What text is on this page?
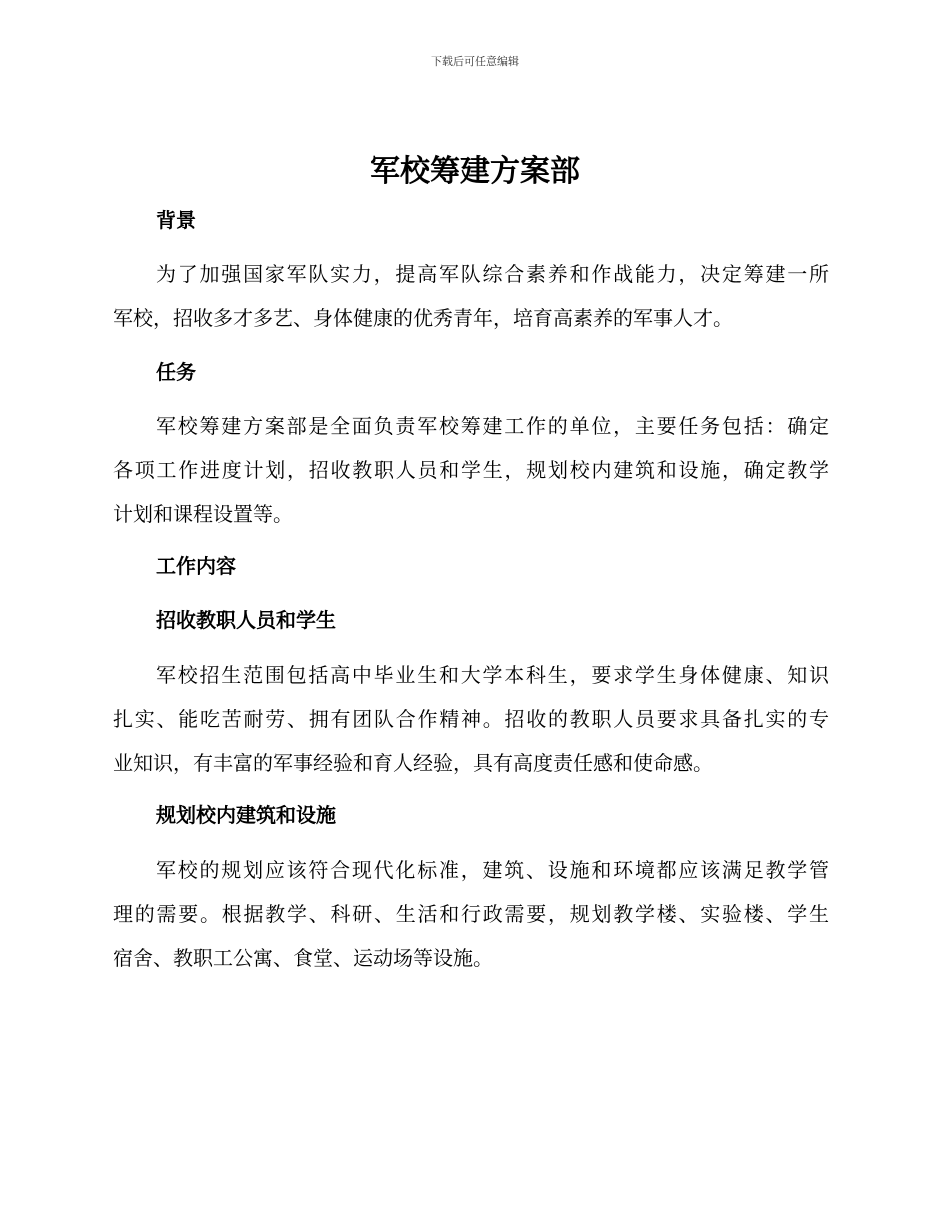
下载后可任意编辑
军校筹建方案部
背景
为了加强国家军队实力，提高军队综合素养和作战能力，决定筹建一所
军校，招收多才多艺、身体健康的优秀青年，培育高素养的军事人才。
任务
军校筹建方案部是全面负责军校筹建工作的单位，主要任务包括：确定
各项工作进度计划，招收教职人员和学生，规划校内建筑和设施，确定教学
计划和课程设置等。
工作内容
招收教职人员和学生
军校招生范围包括高中毕业生和大学本科生，要求学生身体健康、知识
扎实、能吃苦耐劳、拥有团队合作精神。招收的教职人员要求具备扎实的专
业知识，有丰富的军事经验和育人经验，具有高度责任感和使命感。
规划校内建筑和设施
军校的规划应该符合现代化标准，建筑、设施和环境都应该满足教学管
理的需要。根据教学、科研、生活和行政需要，规划教学楼、实验楼、学生
宿舍、教职工公寓、食堂、运动场等设施。
